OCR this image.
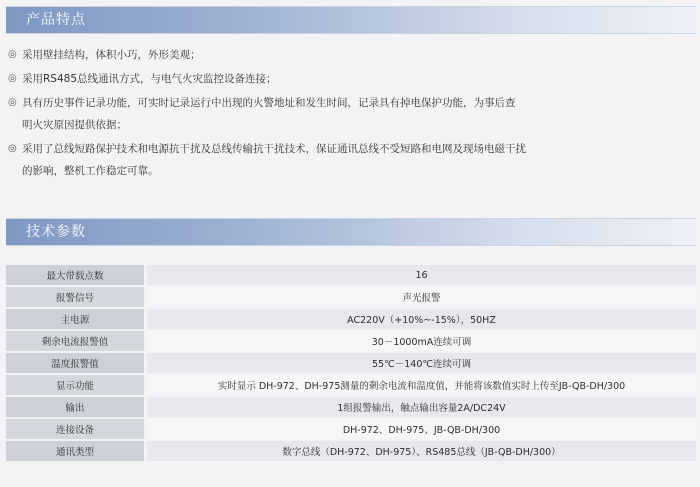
产品特点
◎ 采用壁挂结构，体积小巧，外形美观；
◎ 采用RS485总线通讯方式，与电气火灾监控设备连接；
◎ 具有历史事件记录功能，可实时记录运行中出现的火警地址和发生时间，记录具有掉电保护功能，为事后查
明火灾原因提供依据；
◎ 采用了总线短路保护技术和电源抗干扰及总线传输抗干扰技术，保证通讯总线不受短路和电网及现场电磁干扰
的影响，整机工作稳定可靠。
技术参数
最大带载点数	16
报警信号	声光报警
主电源	AC220V（+10%~-15%），50HZ
剩余电流报警值	30－1000mA连续可调
温度报警值	55℃－140℃连续可调
显示功能	实时显示 DH-972、DH-975测量的剩余电流和温度值，并能将该数值实时上传至JB-QB-DH/300
输出	1组报警输出，触点输出容量2A/DC24V
连接设备	DH-972、DH-975、JB-QB-DH/300
通讯类型	数字总线（DH-972、DH-975）、RS485总线（JB-QB-DH/300）
